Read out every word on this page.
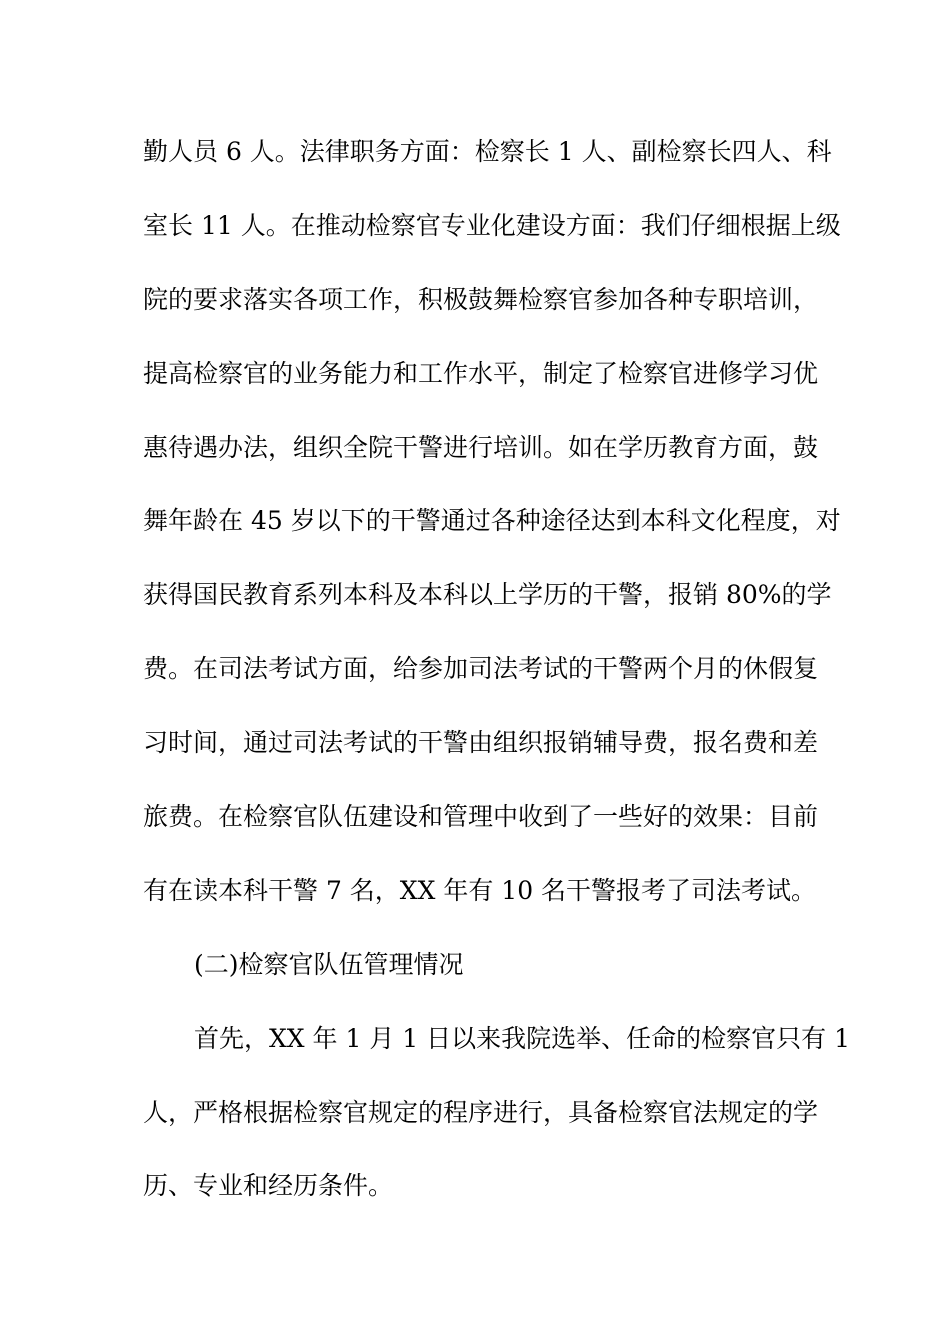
勤人员 6 人。法律职务方面：检察长 1 人、副检察长四人、科
室长 11 人。在推动检察官专业化建设方面：我们仔细根据上级
院的要求落实各项工作，积极鼓舞检察官参加各种专职培训，
提高检察官的业务能力和工作水平，制定了检察官进修学习优
惠待遇办法，组织全院干警进行培训。如在学历教育方面，鼓
舞年龄在 45 岁以下的干警通过各种途径达到本科文化程度，对
获得国民教育系列本科及本科以上学历的干警，报销 80%的学
费。在司法考试方面，给参加司法考试的干警两个月的休假复
习时间，通过司法考试的干警由组织报销辅导费，报名费和差
旅费。在检察官队伍建设和管理中收到了一些好的效果：目前
有在读本科干警 7 名，XX 年有 10 名干警报考了司法考试。
(二)检察官队伍管理情况
首先，XX 年 1 月 1 日以来我院选举、任命的检察官只有 1
人，严格根据检察官规定的程序进行，具备检察官法规定的学
历、专业和经历条件。
